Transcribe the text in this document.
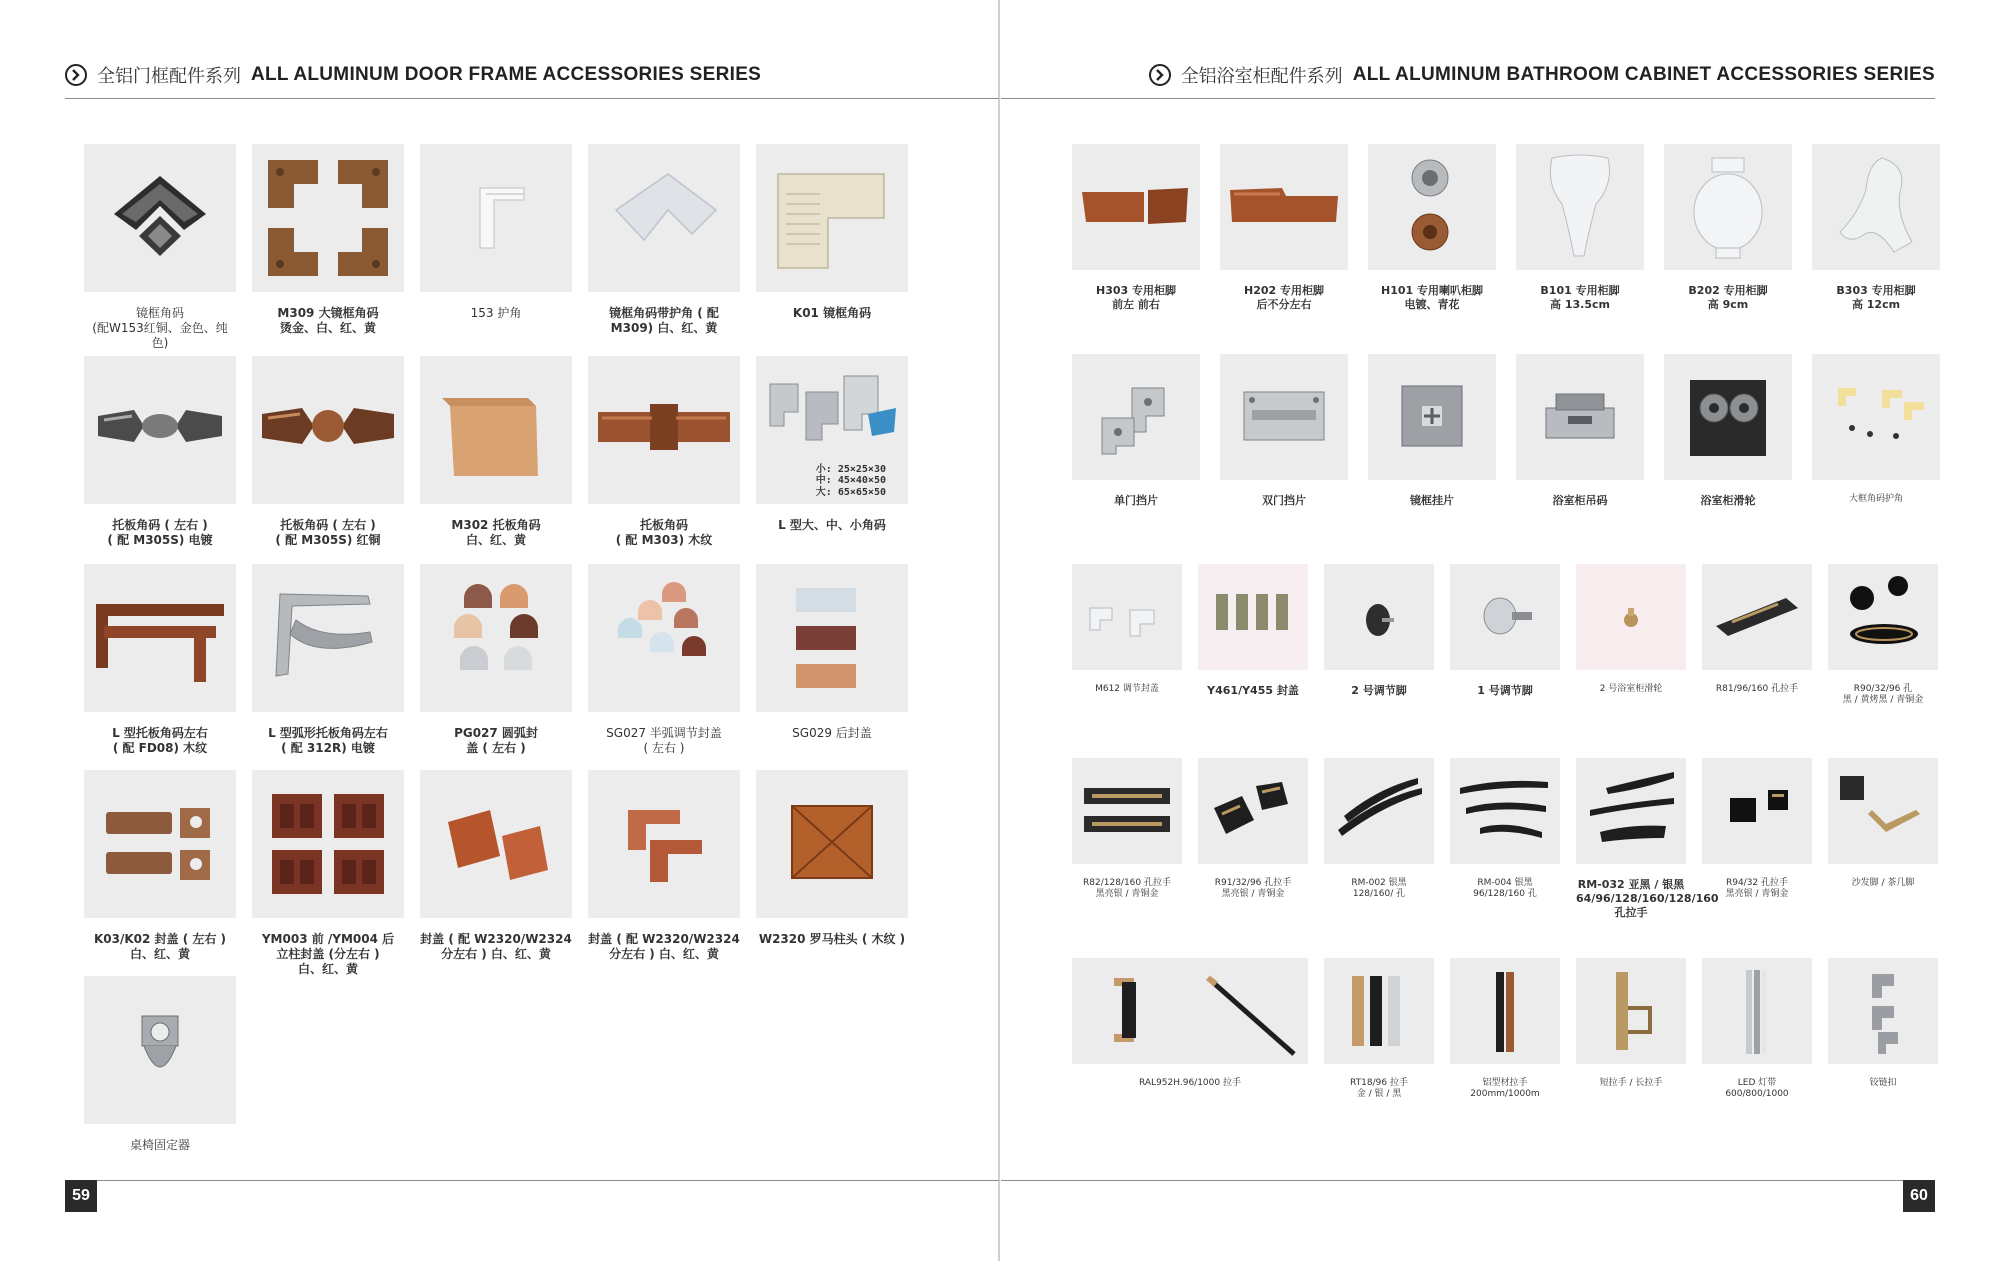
全铝门框配件系列 ALL ALUMINUM DOOR FRAME ACCESSORIES SERIES
镜框角码
(配W153红铜、金色、纯色)
M309 大镜框角码
烫金、白、红、黄
153 护角	镜框角码带护角 ( 配
M309) 白、红、黄
K01 镜框角码
托板角码 ( 左右 )
( 配 M305S) 电镀
托板角码 ( 左右 )
( 配 M305S) 红铜
M302 托板角码
白、红、黄
托板角码
( 配 M303) 木纹
小: 25×25×30
中: 45×40×50
大: 65×65×50
L 型大、中、小角码
L 型托板角码左右
( 配 FD08) 木纹
L 型弧形托板角码左右
( 配 312R) 电镀
PG027 圆弧封
盖 ( 左右 )
SG027 半弧调节封盖
( 左右 )
SG029 后封盖
K03/K02 封盖 ( 左右 )
白、红、黄
YM003 前 /YM004 后
立柱封盖 (分左右 )
白、红、黄
封盖 ( 配 W2320/W2324
分左右 ) 白、红、黄
封盖 ( 配 W2320/W2324
分左右 ) 白、红、黄
W2320 罗马柱头 ( 木纹 )
桌椅固定器
59
全铝浴室柜配件系列 ALL ALUMINUM BATHROOM CABINET ACCESSORIES SERIES
H303 专用柜脚
前左 前右
H202 专用柜脚
后不分左右
H101 专用喇叭柜脚
电镀、青花
B101 专用柜脚
高 13.5cm
B202 专用柜脚
高 9cm
B303 专用柜脚
高 12cm
单门挡片	双门挡片	镜框挂片	浴室柜吊码	浴室柜滑轮	大框角码护角
M612 调节封盖	Y461/Y455 封盖	2 号调节脚	1 号调节脚	2 号浴室柜滑轮	R81/96/160 孔拉手	R90/32/96 孔
黑 / 黄烤黑 / 青铜金
R82/128/160 孔拉手
黑亮银 / 青铜金
R91/32/96 孔拉手
黑亮银 / 青铜金
RM-002 银黑
128/160/ 孔
RM-004 银黑
96/128/160 孔
RM-032 亚黑 / 银黑
64/96/128/160/128/160
孔拉手
R94/32 孔拉手
黑亮银 / 青铜金
沙发脚 / 茶几脚
RAL952H.96/1000 拉手	RT18/96 拉手
金 / 银 / 黑
铝型材拉手
200mm/1000m
短拉手 / 长拉手	LED 灯带
600/800/1000
铰链扣
60
